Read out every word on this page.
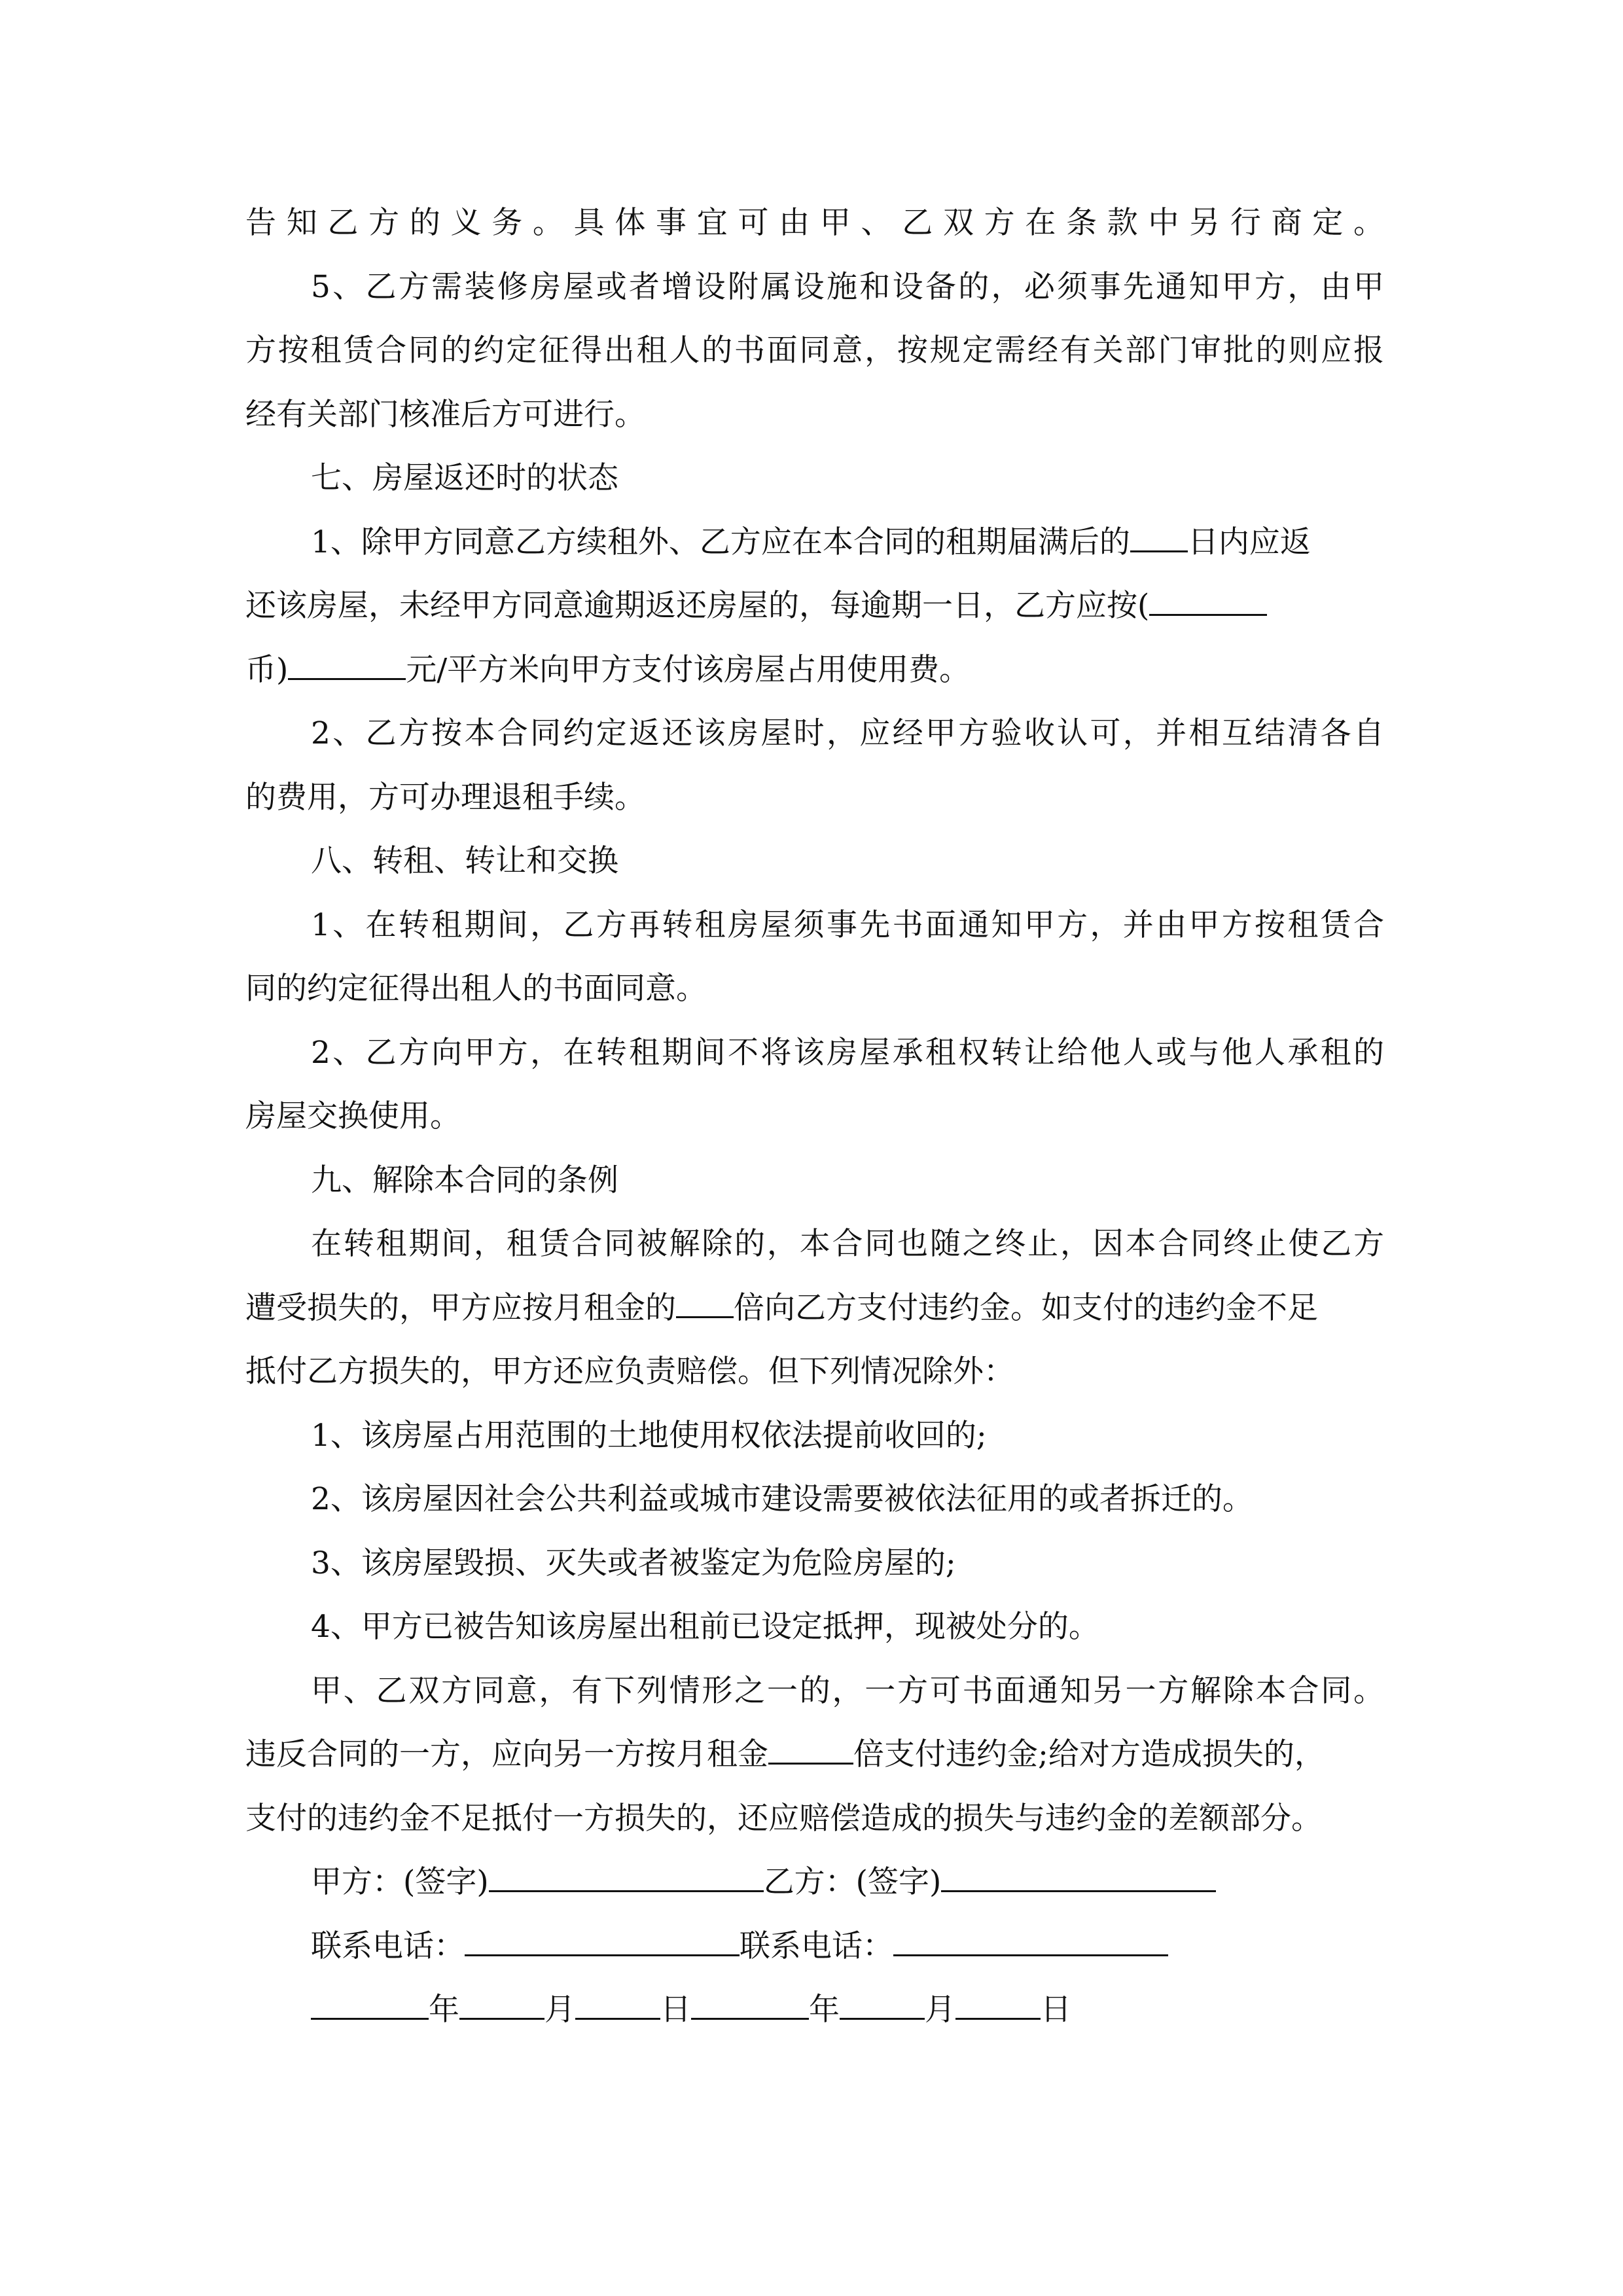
告知乙方的义务。具体事宜可由甲、乙双方在条款中另行商定。
5、乙方需装修房屋或者增设附属设施和设备的，必须事先通知甲方，由甲
方按租赁合同的约定征得出租人的书面同意，按规定需经有关部门审批的则应报
经有关部门核准后方可进行。
七、房屋返还时的状态
1、除甲方同意乙方续租外、乙方应在本合同的租期届满后的 日内应返
还该房屋，未经甲方同意逾期返还房屋的，每逾期一日，乙方应按(
币)	元/平方米向甲方支付该房屋占用使用费。
2、乙方按本合同约定返还该房屋时，应经甲方验收认可，并相互结清各自
的费用，方可办理退租手续。
八、转租、转让和交换
1、在转租期间，乙方再转租房屋须事先书面通知甲方，并由甲方按租赁合
同的约定征得出租人的书面同意。
2、乙方向甲方，在转租期间不将该房屋承租权转让给他人或与他人承租的
房屋交换使用。
九、解除本合同的条例
在转租期间，租赁合同被解除的，本合同也随之终止，因本合同终止使乙方
遭受损失的，甲方应按月租金的 倍向乙方支付违约金。如支付的违约金不足
抵付乙方损失的，甲方还应负责赔偿。但下列情况除外：
1、该房屋占用范围的土地使用权依法提前收回的;
2、该房屋因社会公共利益或城市建设需要被依法征用的或者拆迁的。
3、该房屋毁损、灭失或者被鉴定为危险房屋的;
4、甲方已被告知该房屋出租前已设定抵押，现被处分的。
甲、乙双方同意，有下列情形之一的，一方可书面通知另一方解除本合同。
违反合同的一方，应向另一方按月租金	倍支付违约金;给对方造成损失的，
支付的违约金不足抵付一方损失的，还应赔偿造成的损失与违约金的差额部分。
甲方：(签字)	乙方：(签字)
联系电话：	联系电话：
年	月	日	年	月	日
